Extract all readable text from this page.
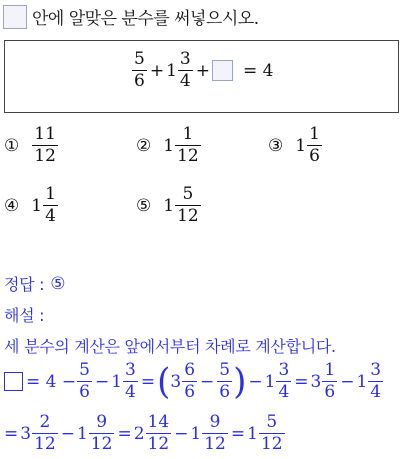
안에 알맞은 분수를 써넣으시오.
$\frac{5}{6} + 1 \frac{3}{4}$ + = 4
① $\frac{11}{12}$	② $1 \frac{1}{12}$	③ $1 \frac{1}{6}$
④ $1 \frac{1}{4}$	⑤ $1 \frac{5}{12}$
정답 : ⑤
해설 :
세 분수의 계산은 앞에서부터 차례로 계산합니다.
= $4 - \frac{5}{6} - 1 \frac{3}{4}$ = ( $3 \frac{6}{6} - \frac{5}{6}$ ) − $1 \frac{3}{4} = 3 \frac{1}{6} - 1 \frac{3}{4}$
= $3 \frac{2}{12} - 1 \frac{9}{12} = 2 \frac{14}{12} - 1 \frac{9}{12} = 1 \frac{5}{12}$
